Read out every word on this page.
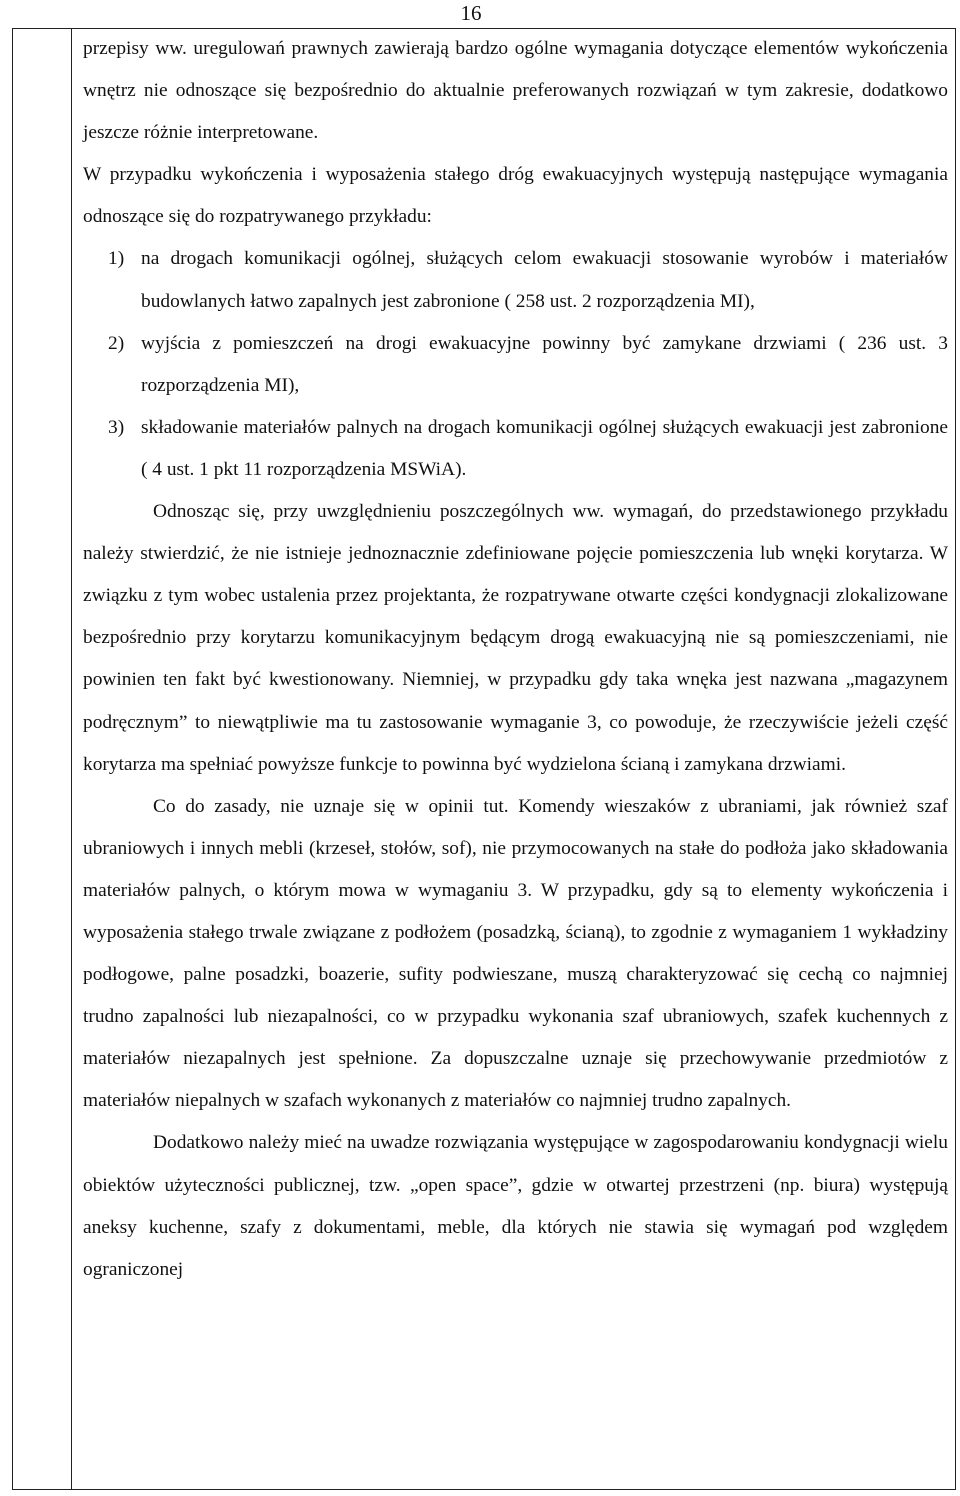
16

przepisy ww. uregulowań prawnych zawierają bardzo ogólne wymagania dotyczące elementów wykończenia wnętrz nie odnoszące się bezpośrednio do aktualnie preferowanych rozwiązań w tym zakresie, dodatkowo jeszcze różnie interpretowane.

W przypadku wykończenia i wyposażenia stałego dróg ewakuacyjnych występują następujące wymagania odnoszące się do rozpatrywanego przykładu:

1) na drogach komunikacji ogólnej, służących celom ewakuacji stosowanie wyrobów i materiałów budowlanych łatwo zapalnych jest zabronione ( 258 ust. 2 rozporządzenia MI),
2) wyjścia z pomieszczeń na drogi ewakuacyjne powinny być zamykane drzwiami ( 236 ust. 3 rozporządzenia MI),
3) składowanie materiałów palnych na drogach komunikacji ogólnej służących ewakuacji jest zabronione ( 4 ust. 1 pkt 11 rozporządzenia MSWiA).

Odnosząc się, przy uwzględnieniu poszczególnych ww. wymagań, do przedstawionego przykładu należy stwierdzić, że nie istnieje jednoznacznie zdefiniowane pojęcie pomieszczenia lub wnęki korytarza. W związku z tym wobec ustalenia przez projektanta, że rozpatrywane otwarte części kondygnacji zlokalizowane bezpośrednio przy korytarzu komunikacyjnym będącym drogą ewakuacyjną nie są pomieszczeniami, nie powinien ten fakt być kwestionowany. Niemniej, w przypadku gdy taka wnęka jest nazwana „magazynem podręcznym” to niewątpliwie ma tu zastosowanie wymaganie 3, co powoduje, że rzeczywiście jeżeli część korytarza ma spełniać powyższe funkcje to powinna być wydzielona ścianą i zamykana drzwiami.

Co do zasady, nie uznaje się w opinii tut. Komendy wieszaków z ubraniami, jak również szaf ubraniowych i innych mebli (krzeseł, stołów, sof), nie przymocowanych na stałe do podłoża jako składowania materiałów palnych, o którym mowa w wymaganiu 3. W przypadku, gdy są to elementy wykończenia i wyposażenia stałego trwale związane z podłożem (posadzką, ścianą), to zgodnie z wymaganiem 1 wykładziny podłogowe, palne posadzki, boazerie, sufity podwieszane, muszą charakteryzować się cechą co najmniej trudno zapalności lub niezapalności, co w przypadku wykonania szaf ubraniowych, szafek kuchennych z materiałów niezapalnych jest spełnione. Za dopuszczalne uznaje się przechowywanie przedmiotów z materiałów niepalnych w szafach wykonanych z materiałów co najmniej trudno zapalnych.

Dodatkowo należy mieć na uwadze rozwiązania występujące w zagospodarowaniu kondygnacji wielu obiektów użyteczności publicznej, tzw. „open space”, gdzie w otwartej przestrzeni (np. biura) występują aneksy kuchenne, szafy z dokumentami, meble, dla których nie stawia się wymagań pod względem ograniczonej
